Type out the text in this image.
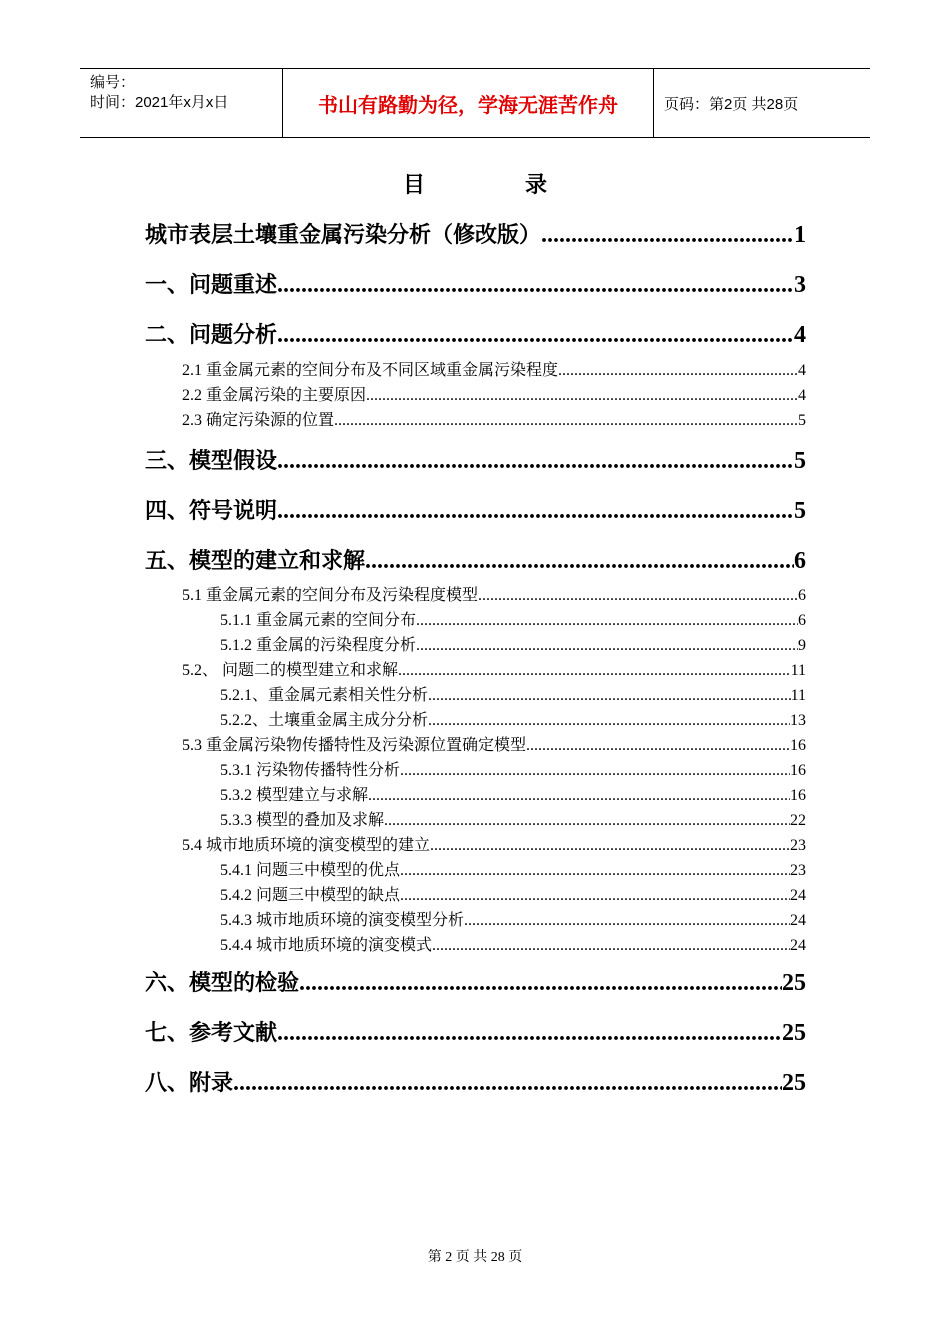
编号：
时间：2021年x月x日	书山有路勤为径，学海无涯苦作舟	页码：第2页 共28页
目录
城市表层土壤重金属污染分析（修改版） .....	1
一、问题重述 .....	3
二、问题分析 .....	4
2.1 重金属元素的空间分布及不同区域重金属污染程度 .....	4
2.2 重金属污染的主要原因 .....	4
2.3 确定污染源的位置 .....	5
三、模型假设 .....	5
四、符号说明 .....	5
五、模型的建立和求解 .....	6
5.1 重金属元素的空间分布及污染程度模型 .....	6
5.1.1 重金属元素的空间分布 .....	6
5.1.2 重金属的污染程度分析 .....	9
5.2、 问题二的模型建立和求解 .....	11
5.2.1、重金属元素相关性分析 .....	11
5.2.2、土壤重金属主成分分析 .....	13
5.3 重金属污染物传播特性及污染源位置确定模型 .....	16
5.3.1 污染物传播特性分析 .....	16
5.3.2 模型建立与求解 .....	16
5.3.3 模型的叠加及求解 .....	22
5.4 城市地质环境的演变模型的建立 .....	23
5.4.1 问题三中模型的优点 .....	23
5.4.2 问题三中模型的缺点 .....	24
5.4.3 城市地质环境的演变模型分析 .....	24
5.4.4 城市地质环境的演变模式 .....	24
六、模型的检验 .....	25
七、参考文献 .....	25
八、附录 .....	25
第 2 页 共 28 页
